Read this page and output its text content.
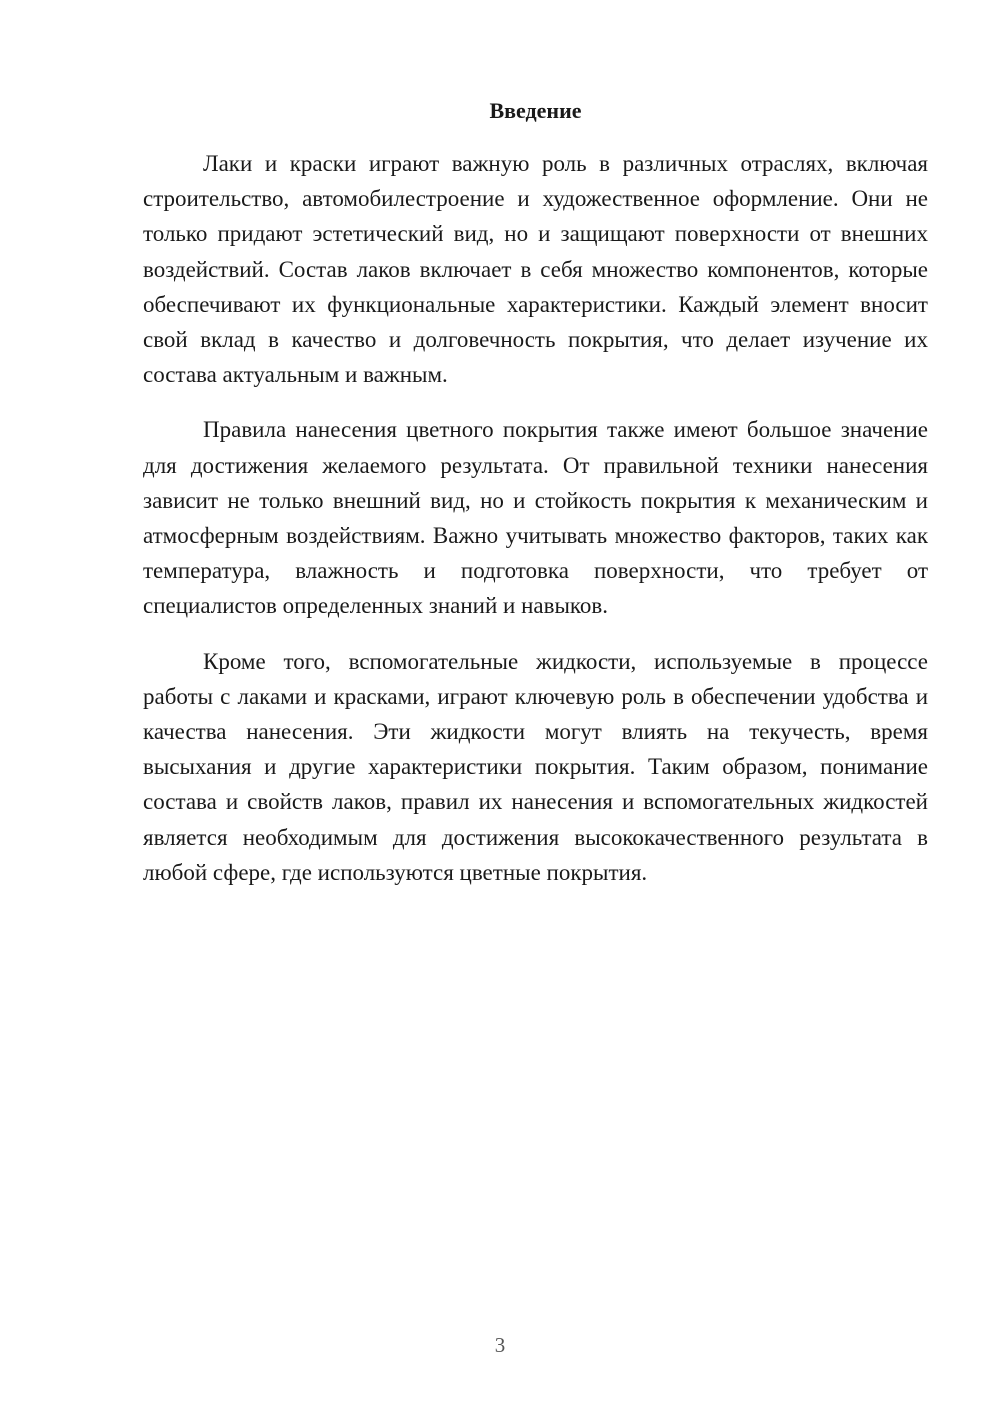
Введение

Лаки и краски играют важную роль в различных отраслях, включая строительство, автомобилестроение и художественное оформление. Они не только придают эстетический вид, но и защищают поверхности от внешних воздействий. Состав лаков включает в себя множество компонентов, которые обеспечивают их функциональные характеристики. Каждый элемент вносит свой вклад в качество и долговечность покрытия, что делает изучение их состава актуальным и важным.

Правила нанесения цветного покрытия также имеют большое значение для достижения желаемого результата. От правильной техники нанесения зависит не только внешний вид, но и стойкость покрытия к механическим и атмосферным воздействиям. Важно учитывать множество факторов, таких как температура, влажность и подготовка поверхности, что требует от специалистов определенных знаний и навыков.

Кроме того, вспомогательные жидкости, используемые в процессе работы с лаками и красками, играют ключевую роль в обеспечении удобства и качества нанесения. Эти жидкости могут влиять на текучесть, время высыхания и другие характеристики покрытия. Таким образом, понимание состава и свойств лаков, правил их нанесения и вспомогательных жидкостей является необходимым для достижения высококачественного результата в любой сфере, где используются цветные покрытия.

3
